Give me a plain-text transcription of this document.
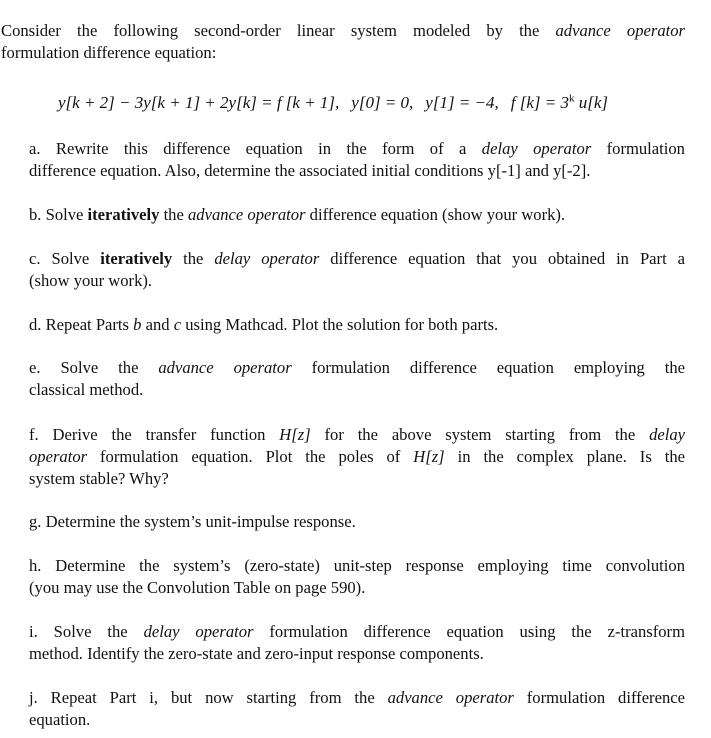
Consider the following second-order linear system modeled by the advance operator
formulation difference equation:
y[k + 2] − 3y[k + 1] + 2y[k] = f [k + 1], y[0] = 0, y[1] = −4, f $[k] = 3^k$ u[k]
a. Rewrite this difference equation in the form of a delay operator formulation
difference equation. Also, determine the associated initial conditions y[-1] and y[-2].
b. Solve iteratively the advance operator difference equation (show your work).
c. Solve iteratively the delay operator difference equation that you obtained in Part a
(show your work).
d. Repeat Parts b and c using Mathcad. Plot the solution for both parts.
e. Solve the advance operator formulation difference equation employing the
classical method.
f. Derive the transfer function H[z] for the above system starting from the delay
operator formulation equation. Plot the poles of H[z] in the complex plane. Is the
system stable? Why?
g. Determine the system’s unit-impulse response.
h. Determine the system’s (zero-state) unit-step response employing time convolution
(you may use the Convolution Table on page 590).
i. Solve the delay operator formulation difference equation using the z-transform
method. Identify the zero-state and zero-input response components.
j. Repeat Part i, but now starting from the advance operator formulation difference
equation.
